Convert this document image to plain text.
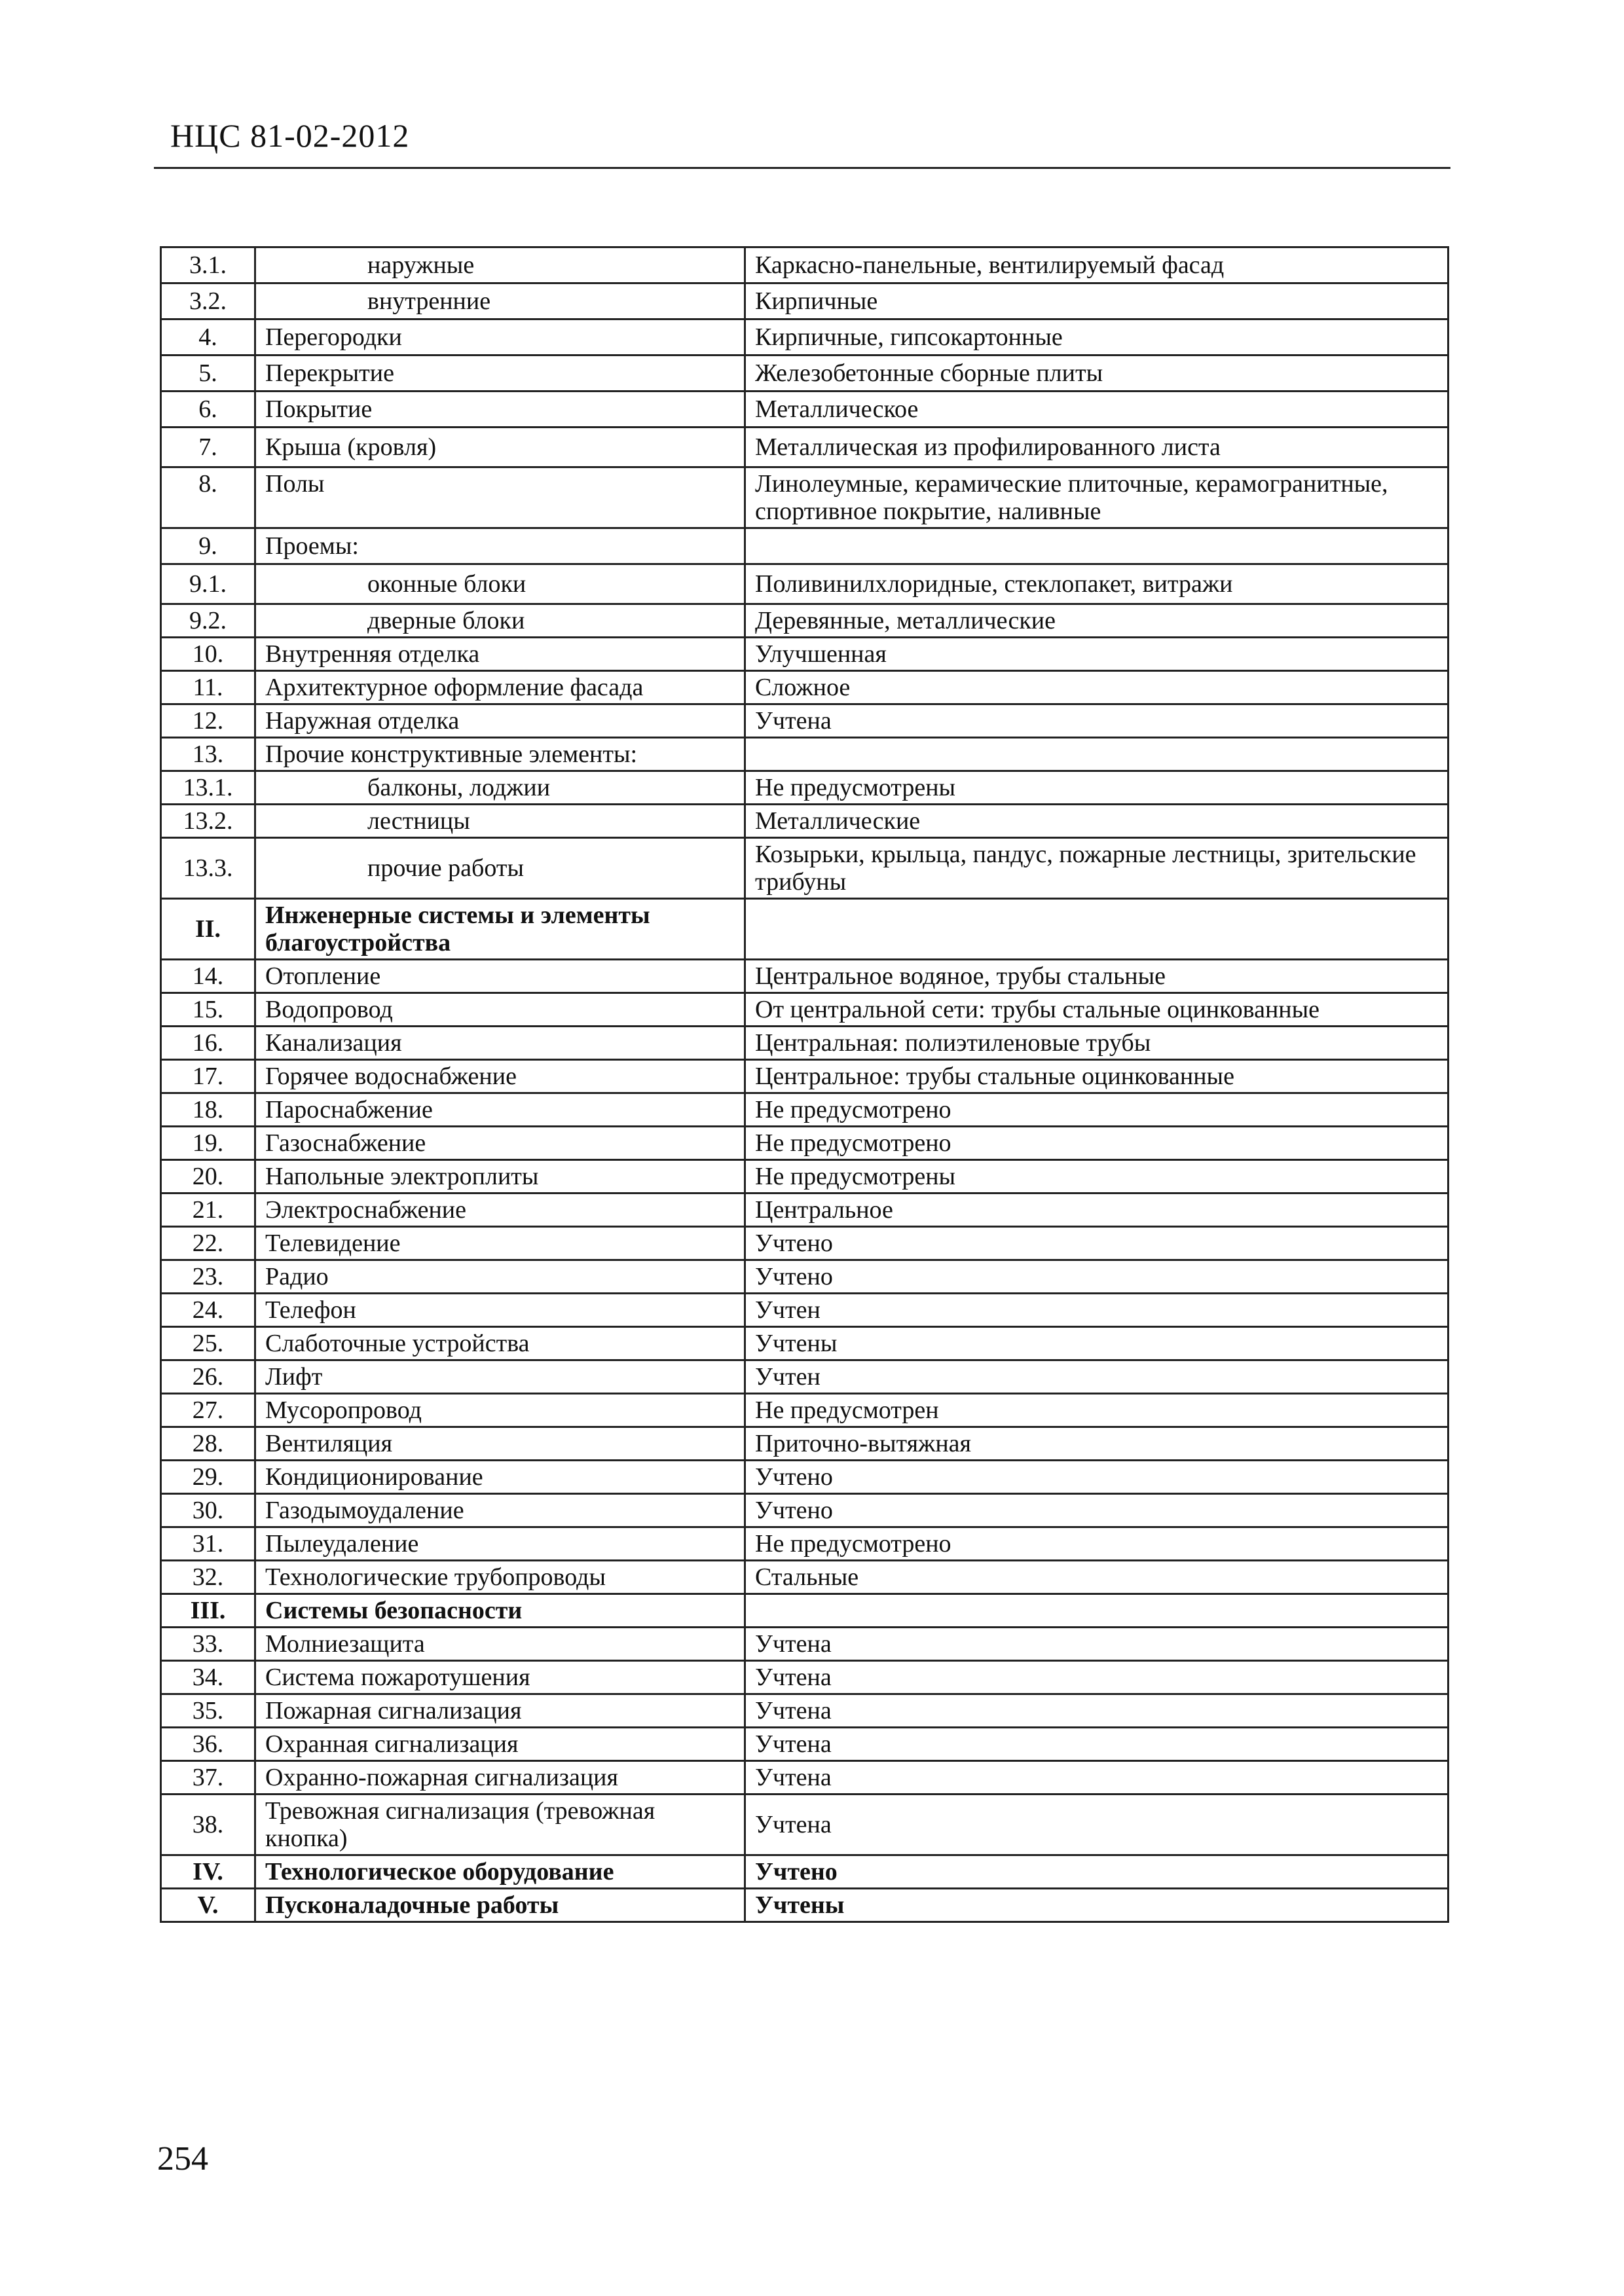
НЦС 81-02-2012
3.1.	наружные	Каркасно-панельные, вентилируемый фасад
3.2.	внутренние	Кирпичные
4.	Перегородки	Кирпичные, гипсокартонные
5.	Перекрытие	Железобетонные сборные плиты
6.	Покрытие	Металлическое
7.	Крыша (кровля)	Металлическая из профилированного листа
8.	Полы	Линолеумные, керамические плиточные, керамогранитные, спортивное покрытие, наливные
9.	Проемы:	
9.1.	оконные блоки	Поливинилхлоридные, стеклопакет, витражи
9.2.	дверные блоки	Деревянные, металлические
10.	Внутренняя отделка	Улучшенная
11.	Архитектурное оформление фасада	Сложное
12.	Наружная отделка	Учтена
13.	Прочие конструктивные элементы:	
13.1.	балконы, лоджии	Не предусмотрены
13.2.	лестницы	Металлические
13.3.	прочие работы	Козырьки, крыльца, пандус, пожарные лестницы, зрительские трибуны
II.	Инженерные системы и элементы благоустройства	
14.	Отопление	Центральное водяное, трубы стальные
15.	Водопровод	От центральной сети: трубы стальные оцинкованные
16.	Канализация	Центральная: полиэтиленовые трубы
17.	Горячее водоснабжение	Центральное: трубы стальные оцинкованные
18.	Пароснабжение	Не предусмотрено
19.	Газоснабжение	Не предусмотрено
20.	Напольные электроплиты	Не предусмотрены
21.	Электроснабжение	Центральное
22.	Телевидение	Учтено
23.	Радио	Учтено
24.	Телефон	Учтен
25.	Слаботочные устройства	Учтены
26.	Лифт	Учтен
27.	Мусоропровод	Не предусмотрен
28.	Вентиляция	Приточно-вытяжная
29.	Кондиционирование	Учтено
30.	Газодымоудаление	Учтено
31.	Пылеудаление	Не предусмотрено
32.	Технологические трубопроводы	Стальные
III.	Системы безопасности	
33.	Молниезащита	Учтена
34.	Система пожаротушения	Учтена
35.	Пожарная сигнализация	Учтена
36.	Охранная сигнализация	Учтена
37.	Охранно-пожарная сигнализация	Учтена
38.	Тревожная сигнализация (тревожная кнопка)	Учтена
IV.	Технологическое оборудование	Учтено
V.	Пусконаладочные работы	Учтены
254
